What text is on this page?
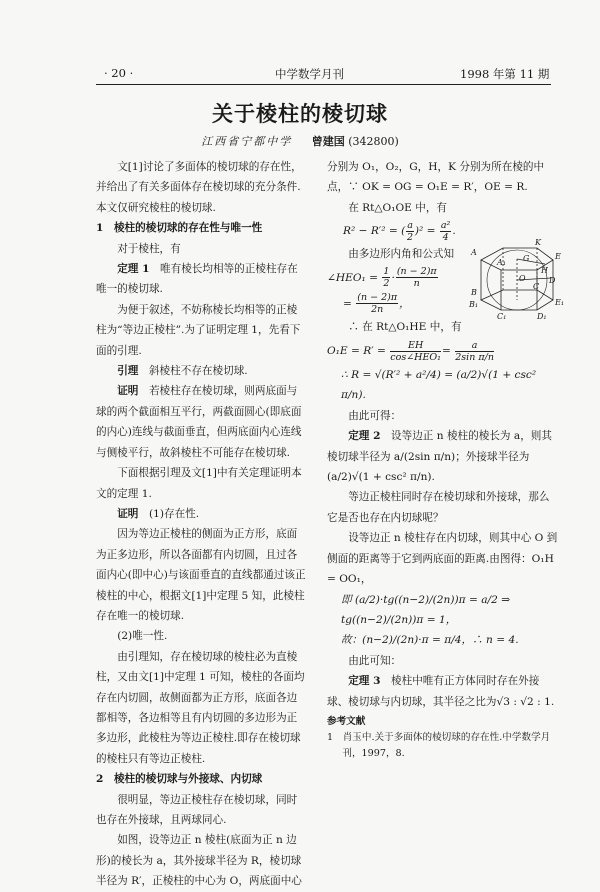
· 20 ·	中学数学月刊	1998 年第 11 期
关于棱柱的棱切球
江西省宁都中学 曾建国 (342800)

文[1]讨论了多面体的棱切球的存在性，并给出了有关多面体存在棱切球的充分条件.本文仅研究棱柱的棱切球.

1　棱柱的棱切球的存在性与唯一性

对于棱柱，有

定理 1　唯有棱长均相等的正棱柱存在唯一的棱切球.

为便于叙述，不妨称棱长均相等的正棱柱为“等边正棱柱”.为了证明定理 1，先看下面的引理.

引理　斜棱柱不存在棱切球.

证明　若棱柱存在棱切球，则两底面与球的两个截面相互平行，两截面圆心(即底面的内心)连线与截面垂直，但两底面内心连线与侧棱平行，故斜棱柱不可能存在棱切球.

下面根据引理及文[1]中有关定理证明本文的定理 1.

证明　(1)存在性.

因为等边正棱柱的侧面为正方形，底面为正多边形，所以各面都有内切圆，且过各面内心(即中心)与该面垂直的直线都通过该正棱柱的中心，根据文[1]中定理 5 知，此棱柱存在唯一的棱切球.

(2)唯一性.

由引理知，存在棱切球的棱柱必为直棱柱，又由文[1]中定理 1 可知，棱柱的各面均存在内切圆，故侧面都为正方形，底面各边都相等，各边相等且有内切圆的多边形为正多边形，此棱柱为等边正棱柱.即存在棱切球的棱柱只有等边正棱柱.

2　棱柱的棱切球与外接球、内切球

很明显，等边正棱柱存在棱切球，同时也存在外接球，且两球同心.

如图，设等边正 n 棱柱(底面为正 n 边形)的棱长为 a，其外接球半径为 R，棱切球半径为 R′，正棱柱的中心为 O，两底面中心

分别为 O₁，O₂，G，H，K 分别为所在棱的中点，∵ OK = OG = O₁E = R′，OE = R.

在 Rt△O₁OE 中，有

R² − R′² = ( $\frac{a}{2} )^2 = \frac{\text{a²}}{4}$ .

由多边形内角和公式知

∠HEO₁ = $\frac{1}{2} \cdot \frac{(n - 2)\pi}{n}$

= $\frac{(n - 2)\pi}{2n}$ ，

∴ 在 Rt△O₁HE 中，有

$O_1E = R' = \frac{EH}{\text{cos∠HEO₁}} = \frac{a}{\text{2sin π/n}}$

∴ R = √(R′² + a²/4) = (a/2)√(1 + csc² π/n).

由此可得：

定理 2　设等边正 n 棱柱的棱长为 a，则其棱切球半径为 a/(2sin π/n)；外接球半径为 (a/2)√(1 + csc² π/n).

等边正棱柱同时存在棱切球和外接球，那么它是否也存在内切球呢？

设等边正 n 棱柱存在内切球，则其中心 O 到侧面的距离等于它到两底面的距离.由图得：O₁H = OO₁，

即 (a/2)·tg((n−2)/(2n))π = a/2 ⇒ tg((n−2)/(2n))π = 1，

故：(n−2)/(2n)·π = π/4，∴ n = 4.

由此可知：

定理 3　棱柱中唯有正方体同时存在外接球、棱切球与内切球，其半径之比为√3 : √2 : 1.

参考文献
1　肖玉中.关于多面体的棱切球的存在性.中学数学月刊，1997，8.
K
G
A₁
A	E
O
B
B₁
C₁	D₁
E₁
D
H
C
